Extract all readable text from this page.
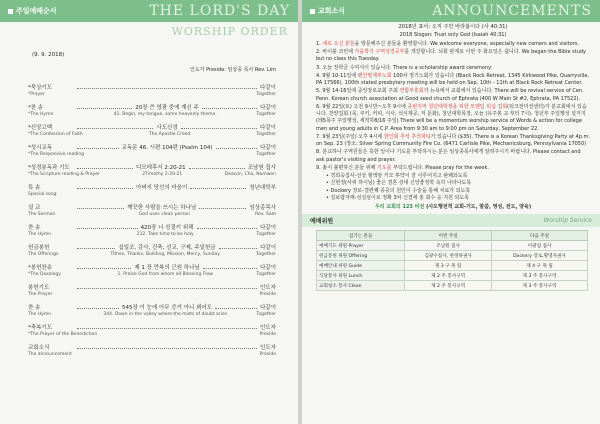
주일예배순서	THE LORD'S DAY
WORSHIP ORDER
(9. 9. 2018)
인도자 Preside: 임상종 목사 Rev. Lim
*묵상기도	다같이
*Prayer	Together
*찬 송	20장 큰 영광 중에 계신 주	다같이
*The Hymn	41. Begin, my tongue, some heavenly theme.	Together
*신앙고백	사도신경	다같이
*The Confession of Faith	The Apostle Creed	Together
*성시교독	교독문 46. 시편 104편 (Psalm 104)	다같이
*The Responsive reading	Together
*성경봉독과 기도	디모데후서 2:20-21	조남원 집사
*The Scripture reading & Prayer	2Timothy 2:20-21	Deacon, Cho, Namwon
특 송	아버지 당신의 마음이	청년대학부
Special song
설 교	깨끗한 사람을 쓰시는 하나님	임상종목사
The Sermon	God uses clean person	Rev. Sam
찬 송	420장 너 성결키 위해	다같이
The Hymn	212. Take time to be holy	Together
헌금봉헌	십일조, 감사, 건축, 선교, 구제, 주일헌금	다같이
The Offerings	Tithes, Thanks, Building, Mission, Mercy, Sunday	Together
*봉헌찬송	제 1 장 만복의 근원 하나님	다같이
*The Doxology	1. Praise God from whom all Blessing Flow	Together
봉헌기도	인도자
The Prayer	Preside
찬 송	545장 이 눈에 아무 증거 아니 뵈어도	다같이
The Hymn	344. Down in the valley where the mists of doubt arise	Together
*축복기도	인도자
*The Prayer of the Benediction	Preside
교회소식	인도자
The announcement	Preside
교회소식	ANNOUNCEMENTS
2018년 표어: 오직 주만 바라봅시다 (사 40:31)
2018 Slogan: Trust only God (Isaiah 40:31)
1. 새로 오신 분들을 방문해주신 분들을 환영합니다. We welcome everyone, especially new comers and visitors.
2. 바이블 코린에 가을학기 구역성경공부를 개강합니다. 뇌회 관계로 이번 주 화요일은 쉽니다. We began the Bible study but no class this Tuesday.
3. 오늘 장학금 수여식이 있습니다. There is a scholarship award ceremony.
4. 9월 10-11일에 펜안필제부노회 100차 정기노회가 있습니다 (Black Rock Retreat, 1345 Kirkwood Pike, Quarryville, PA 17566). 100th stated presbytery meeting will be held on Sep. 10th - 11th at Black Rock Retreat Center.
5. 9월 14-16일에 중앙장로교회 주최 연합부흥회가 뉴욕에서 교회에서 있습니다. There will be revival service of Cen. Penn. Korean church association at Good seed church of Ephrata (400 W Main St #2, Ephrata, PA 17522).
6. 9월 22일(토) 오전 9시반~오후 9시에 중왼지역 청년대학생을 위한 모멘텀 워십 집회(워크전미션센터)가 분교회에서 있습니다. 찬양집회 (묵, 쿠키, 커피, 식사, 석식제공, 저 문화), 청년대학목장, 오늘 (유주봉 교 부터 7시). 청년부 주일행성 설거지 (레5목주 주일행성, 세척하8/16 주일) There will be a momentum worship service of Words & action for college men and young adults in C.P. Area from 9:30 am to 9:00 pm on Saturday, September 22.
7. 9월 23일(주일) 오후 4시에 한인회 추석 추석파티가 있습니다 ($35). There is a Korean Thanksgiving Party at 4p.m. on Sep. 23 (장소: Silver Spring Community Fire Co. (6471 Carlisle Pike, Mechanicsburg, Pennsylvania 17050)
8. 분교하나 구역원들은 혹한 일이나 기도를 부탁하시는 분은 임상종목사에게 알려주시기 바랍니다. Please contact and ask pastor's visiting and prayer.
9. 홈이 불편하신 분들 위해 기도를 부탁드립니다. Please pray for the week.
• 경희숙집사-선상 혈액암 키모 투약이 잘 이루어지고 완쾌되도록
• 신현정(사위 하이님) 좋은 결혼 상대 신앙좋정학 속히 나타나도록
• Dockery 장로-결련째 종증의 원인이 수술을 통해 치료가 되도록
• 김보람자매-성실심이로 정확 3차 신결에 홍 회수 응 지원 되도록
우리 교회의 123 비전 (사도행전적 교회-기도, 말씀, 영성, 전도, 양육)
예배위원	Worship Service
섬기는 분들	이번 주일	다음 주일
예배기도 위원 Prayer	조남원 집사	이광섭 집사
헌금봉헌 위원 Offering	김광수집사, 한정하권사	Dockery 장로,황영자권사
예배안내 위원 Guide	제 3 구 목 팀	제 4 구 목 팀
식당봉사 위원 Lunch	제 2 주 봉사구역	제 3 주 봉사구역
교회청소 봉사 Clean	제 2 주 봉사구역	제 3 주 봉사구역
